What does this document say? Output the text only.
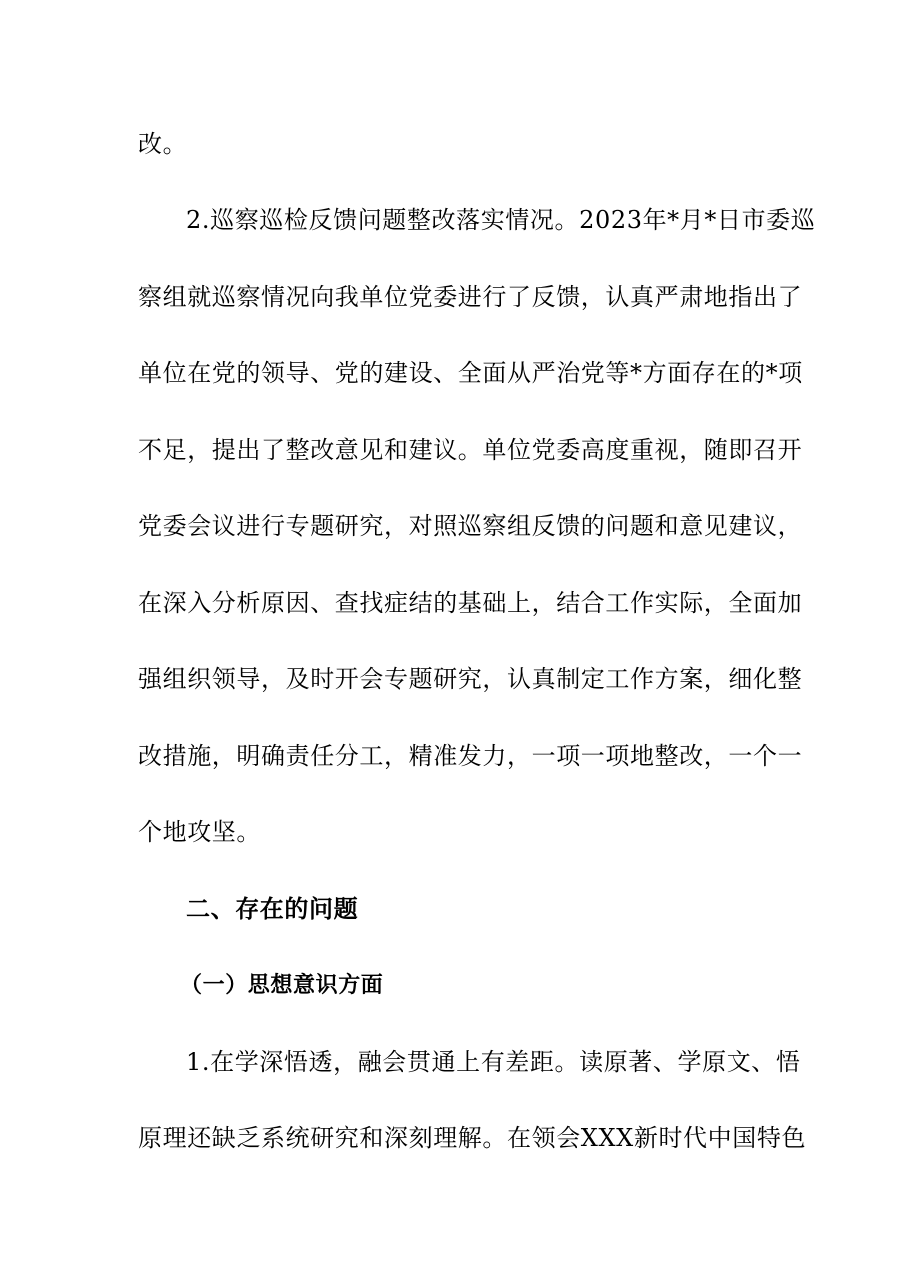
改。
2.巡察巡检反馈问题整改落实情况。2023年*月*日市委巡
察组就巡察情况向我单位党委进行了反馈，认真严肃地指出了
单位在党的领导、党的建设、全面从严治党等*方面存在的*项
不足，提出了整改意见和建议。单位党委高度重视，随即召开
党委会议进行专题研究，对照巡察组反馈的问题和意见建议，
在深入分析原因、查找症结的基础上，结合工作实际，全面加
强组织领导，及时开会专题研究，认真制定工作方案，细化整
改措施，明确责任分工，精准发力，一项一项地整改，一个一
个地攻坚。
二、存在的问题
（一）思想意识方面
1.在学深悟透，融会贯通上有差距。读原著、学原文、悟
原理还缺乏系统研究和深刻理解。在领会XXX新时代中国特色
